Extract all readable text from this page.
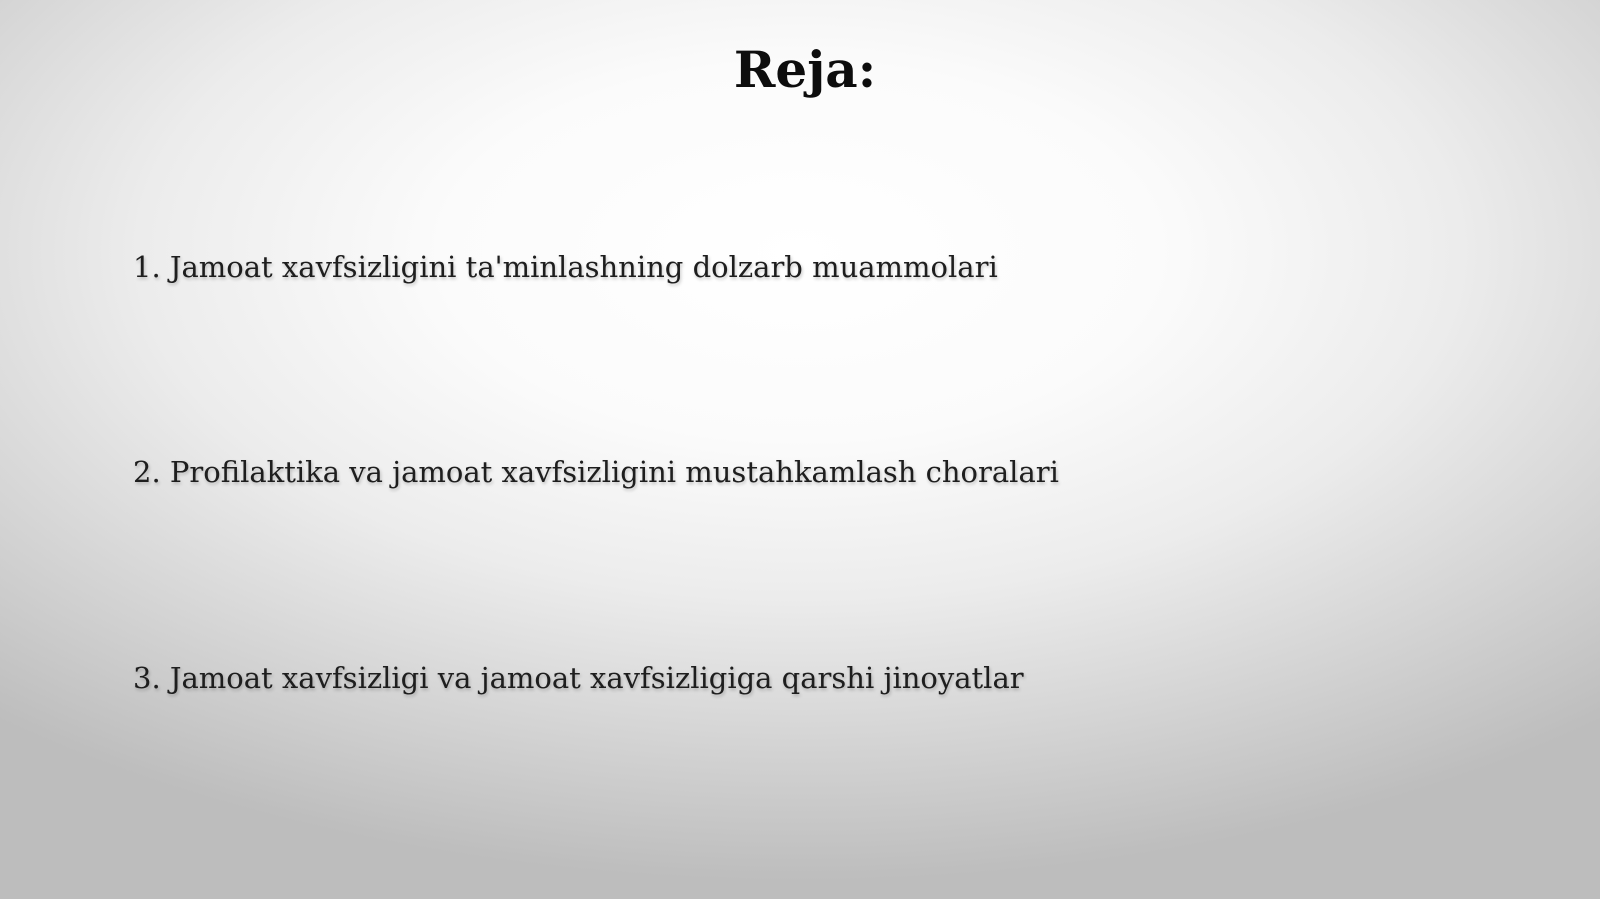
Reja:

1. Jamoat xavfsizligini ta'minlashning dolzarb muammolari

2. Profilaktika va jamoat xavfsizligini mustahkamlash choralari

3. Jamoat xavfsizligi va jamoat xavfsizligiga qarshi jinoyatlar
